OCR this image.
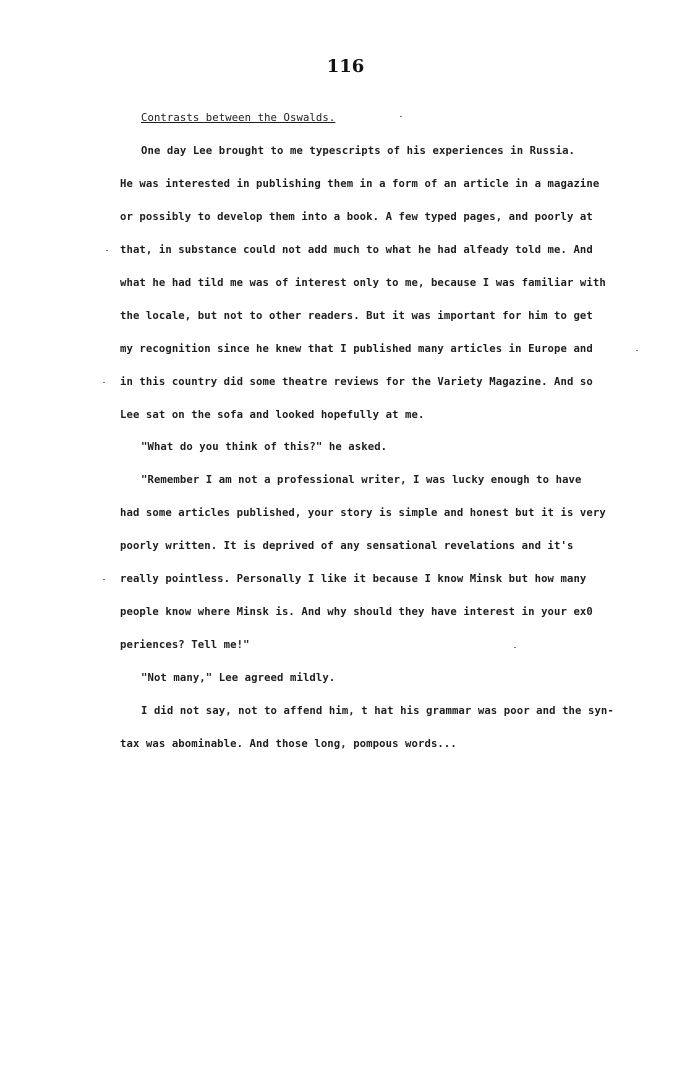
116
Contrasts between the Oswalds.
One day Lee brought to me typescripts of his experiences in Russia.
He was interested in publishing them in a form of an article in a magazine
or possibly to develop them into a book. A few typed pages, and poorly at
that, in substance could not add much to what he had alfeady told me. And
what he had tild me was of interest only to me, because I was familiar with
the locale, but not to other readers. But it was important for him to get
my recognition since he knew that I published many articles in Europe and
in this country did some theatre reviews for the Variety Magazine. And so
Lee sat on the sofa and looked hopefully at me.
"What do you think of this?" he asked.
"Remember I am not a professional writer, I was lucky enough to have
had some articles published, your story is simple and honest but it is very
poorly written. It is deprived of any sensational revelations and it's
really pointless. Personally I like it because I know Minsk but how many
people know where Minsk is. And why should they have interest in your ex0
periences? Tell me!"
"Not many," Lee agreed mildly.
I did not say, not to affend him, t hat his grammar was poor and the syn-
tax was abominable. And those long, pompous words...
